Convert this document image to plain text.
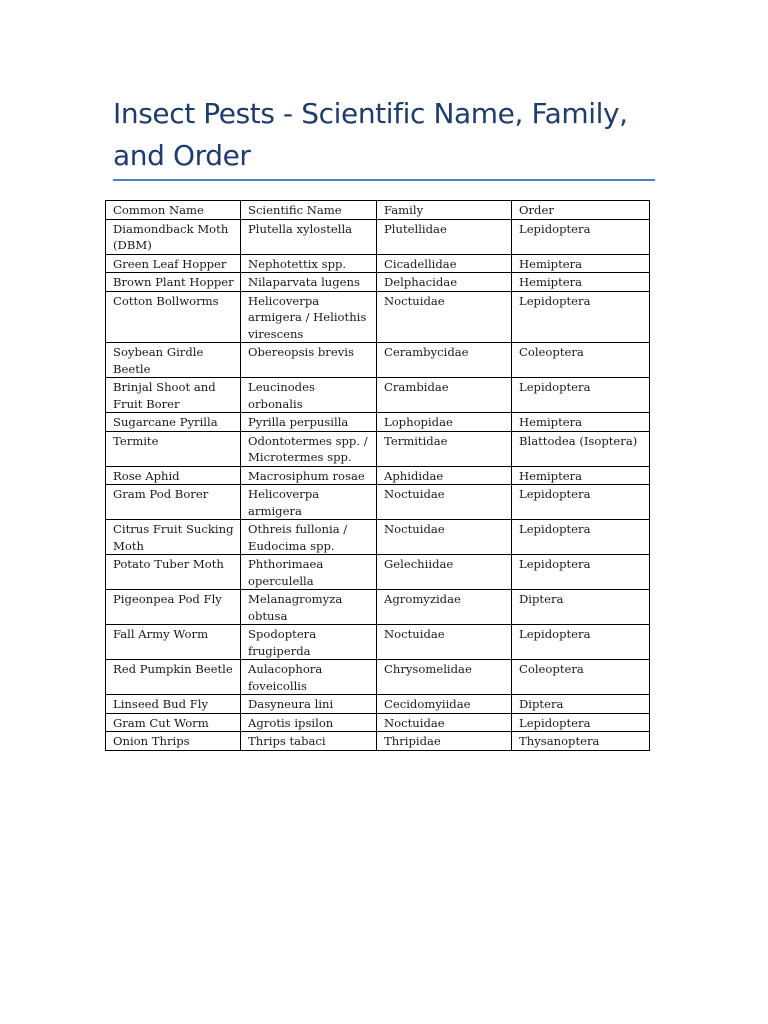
Insect Pests - Scientific Name, Family, and Order
Common Name	Scientific Name	Family	Order
Diamondback Moth (DBM)	Plutella xylostella	Plutellidae	Lepidoptera
Green Leaf Hopper	Nephotettix spp.	Cicadellidae	Hemiptera
Brown Plant Hopper	Nilaparvata lugens	Delphacidae	Hemiptera
Cotton Bollworms	Helicoverpa armigera / Heliothis virescens	Noctuidae	Lepidoptera
Soybean Girdle Beetle	Obereopsis brevis	Cerambycidae	Coleoptera
Brinjal Shoot and Fruit Borer	Leucinodes orbonalis	Crambidae	Lepidoptera
Sugarcane Pyrilla	Pyrilla perpusilla	Lophopidae	Hemiptera
Termite	Odontotermes spp. / Microtermes spp.	Termitidae	Blattodea (Isoptera)
Rose Aphid	Macrosiphum rosae	Aphididae	Hemiptera
Gram Pod Borer	Helicoverpa armigera	Noctuidae	Lepidoptera
Citrus Fruit Sucking Moth	Othreis fullonia / Eudocima spp.	Noctuidae	Lepidoptera
Potato Tuber Moth	Phthorimaea operculella	Gelechiidae	Lepidoptera
Pigeonpea Pod Fly	Melanagromyza obtusa	Agromyzidae	Diptera
Fall Army Worm	Spodoptera frugiperda	Noctuidae	Lepidoptera
Red Pumpkin Beetle	Aulacophora foveicollis	Chrysomelidae	Coleoptera
Linseed Bud Fly	Dasyneura lini	Cecidomyiidae	Diptera
Gram Cut Worm	Agrotis ipsilon	Noctuidae	Lepidoptera
Onion Thrips	Thrips tabaci	Thripidae	Thysanoptera
